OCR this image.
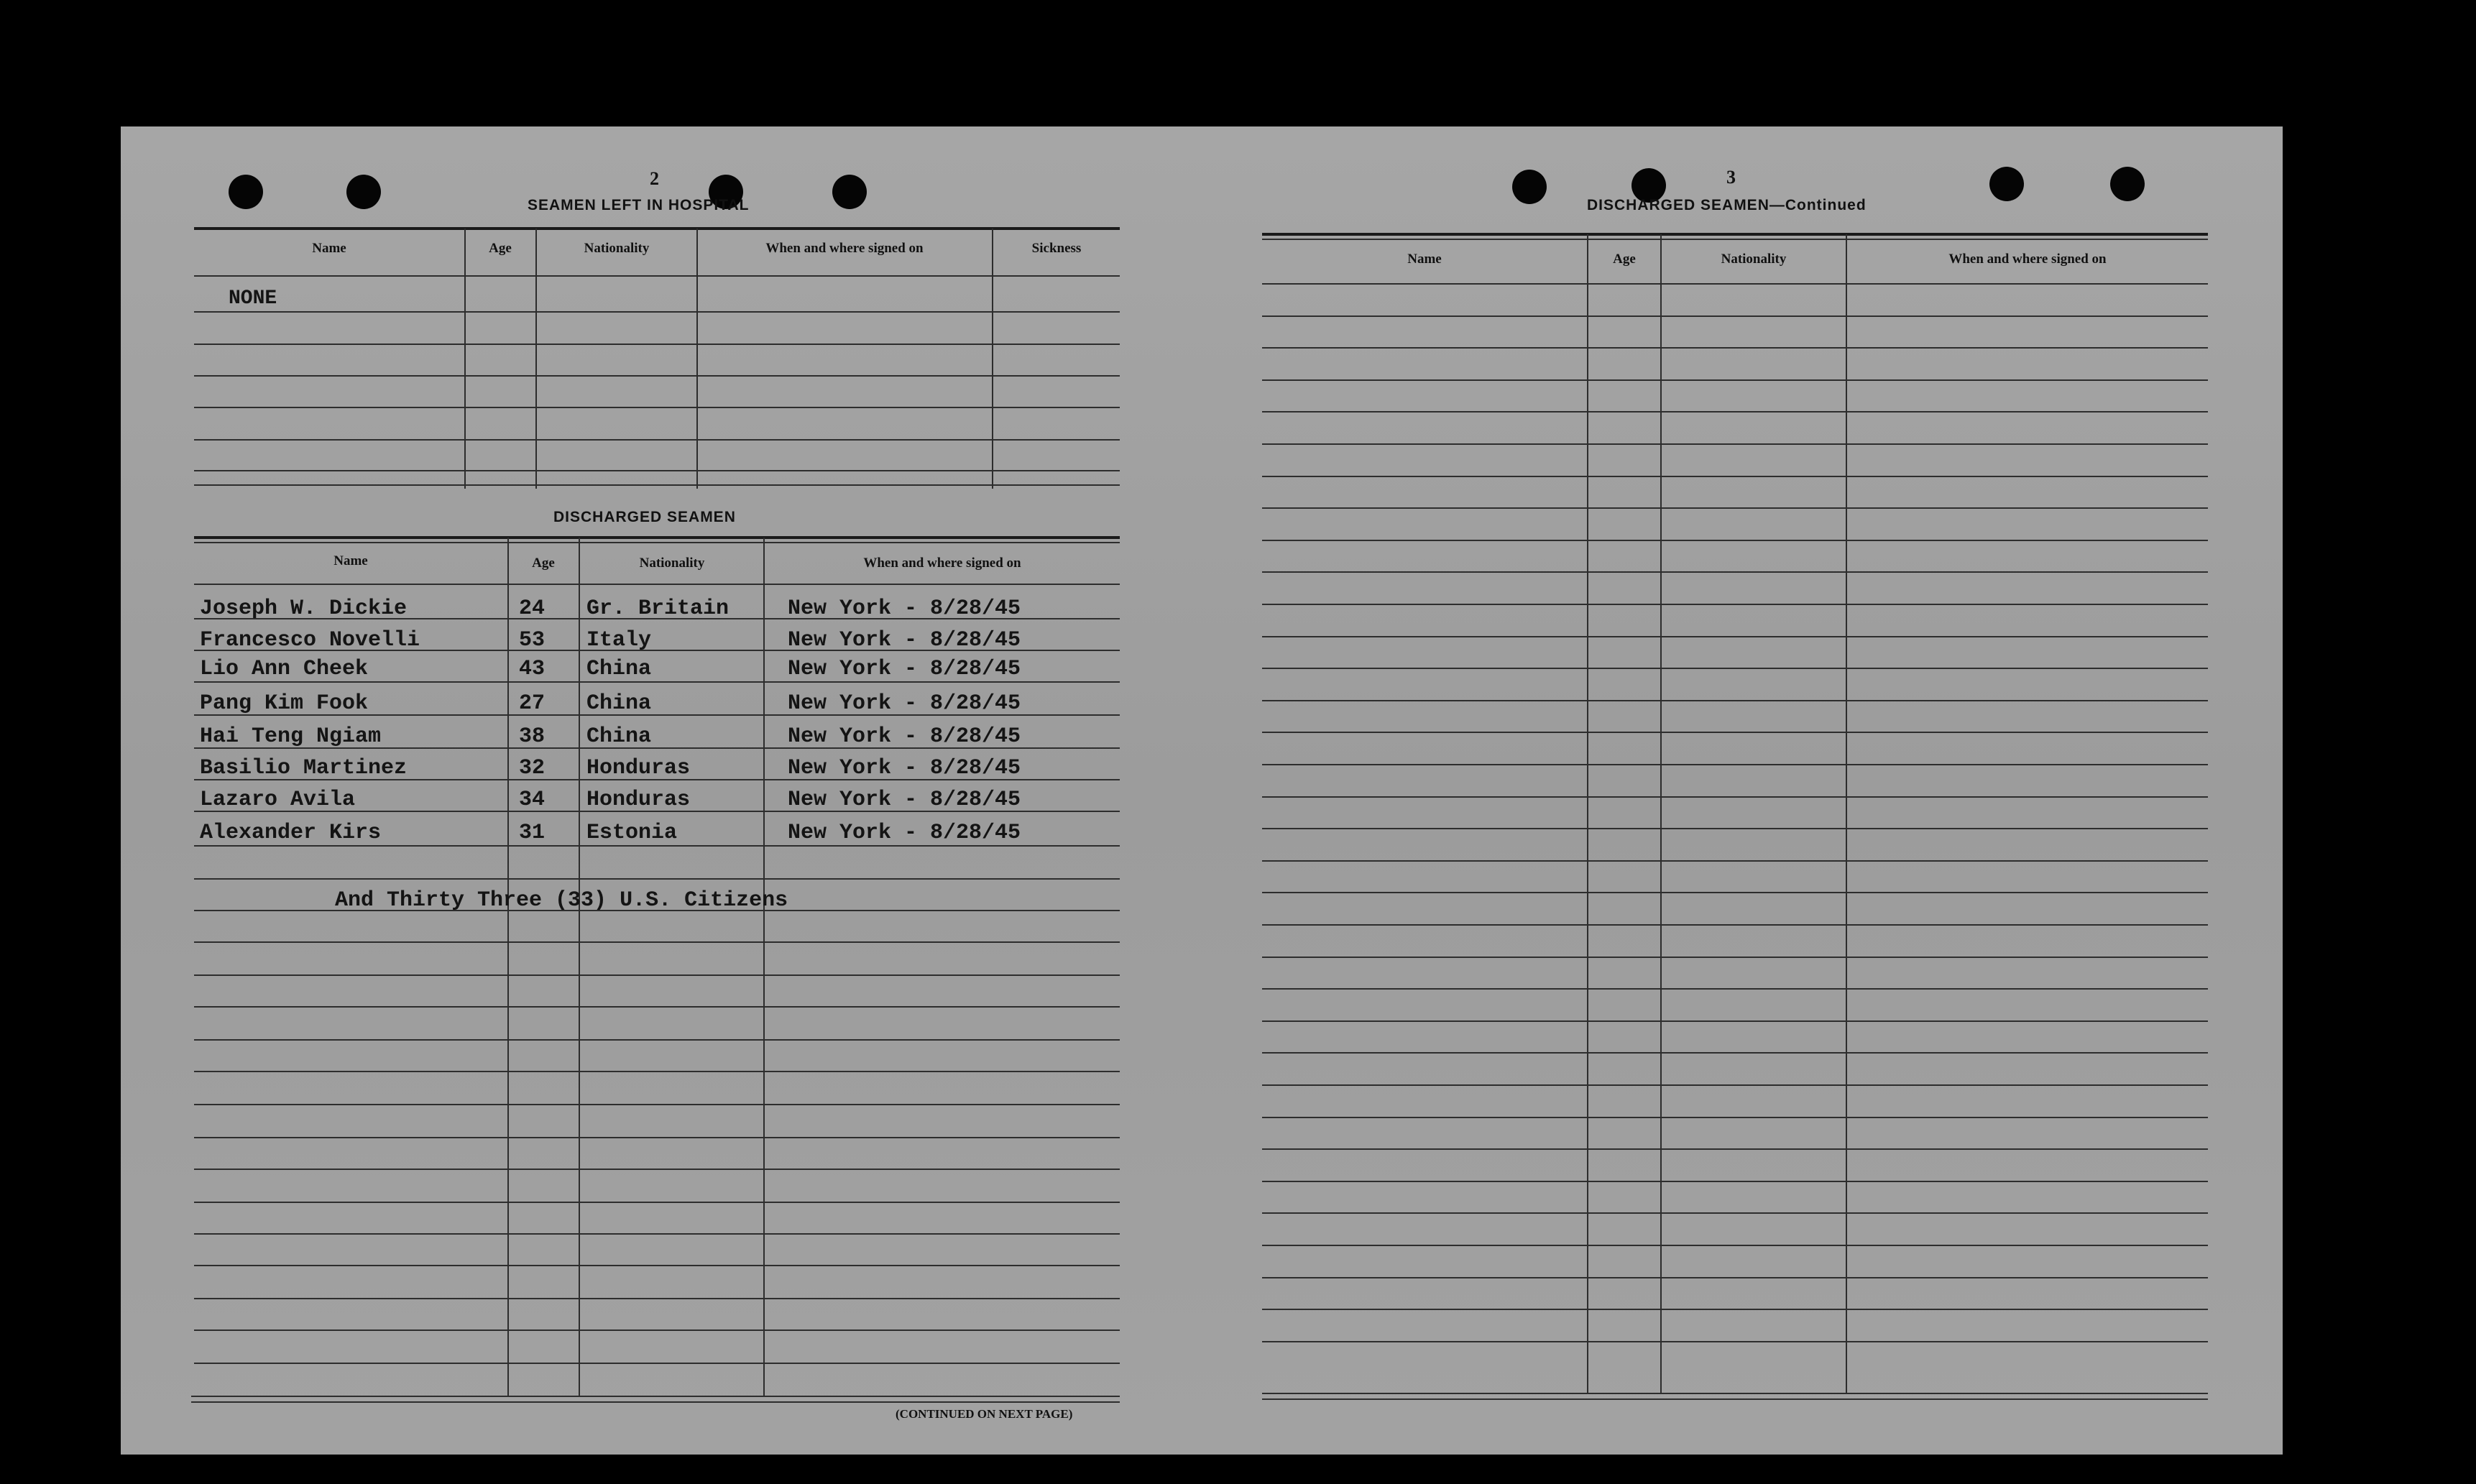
2
SEAMEN LEFT IN HOSPITAL
Name	Age	Nationality	When and where signed on	Sickness
NONE
DISCHARGED SEAMEN
Name	Age	Nationality	When and where signed on
Joseph W. Dickie	24 Gr. Britain	New York - 8/28/45
Francesco Novelli	53 Italy	New York - 8/28/45
Lio Ann Cheek	43 China	New York - 8/28/45
Pang Kim Fook	27 China	New York - 8/28/45
Hai Teng Ngiam	38 China	New York - 8/28/45
Basilio Martinez	32 Honduras	New York - 8/28/45
Lazaro Avila	34 Honduras	New York - 8/28/45
Alexander Kirs	31 Estonia	New York - 8/28/45
And Thirty Three (33) U.S. Citizens
(CONTINUED ON NEXT PAGE)
3
DISCHARGED SEAMEN—Continued
Name	Age	Nationality	When and where signed on
